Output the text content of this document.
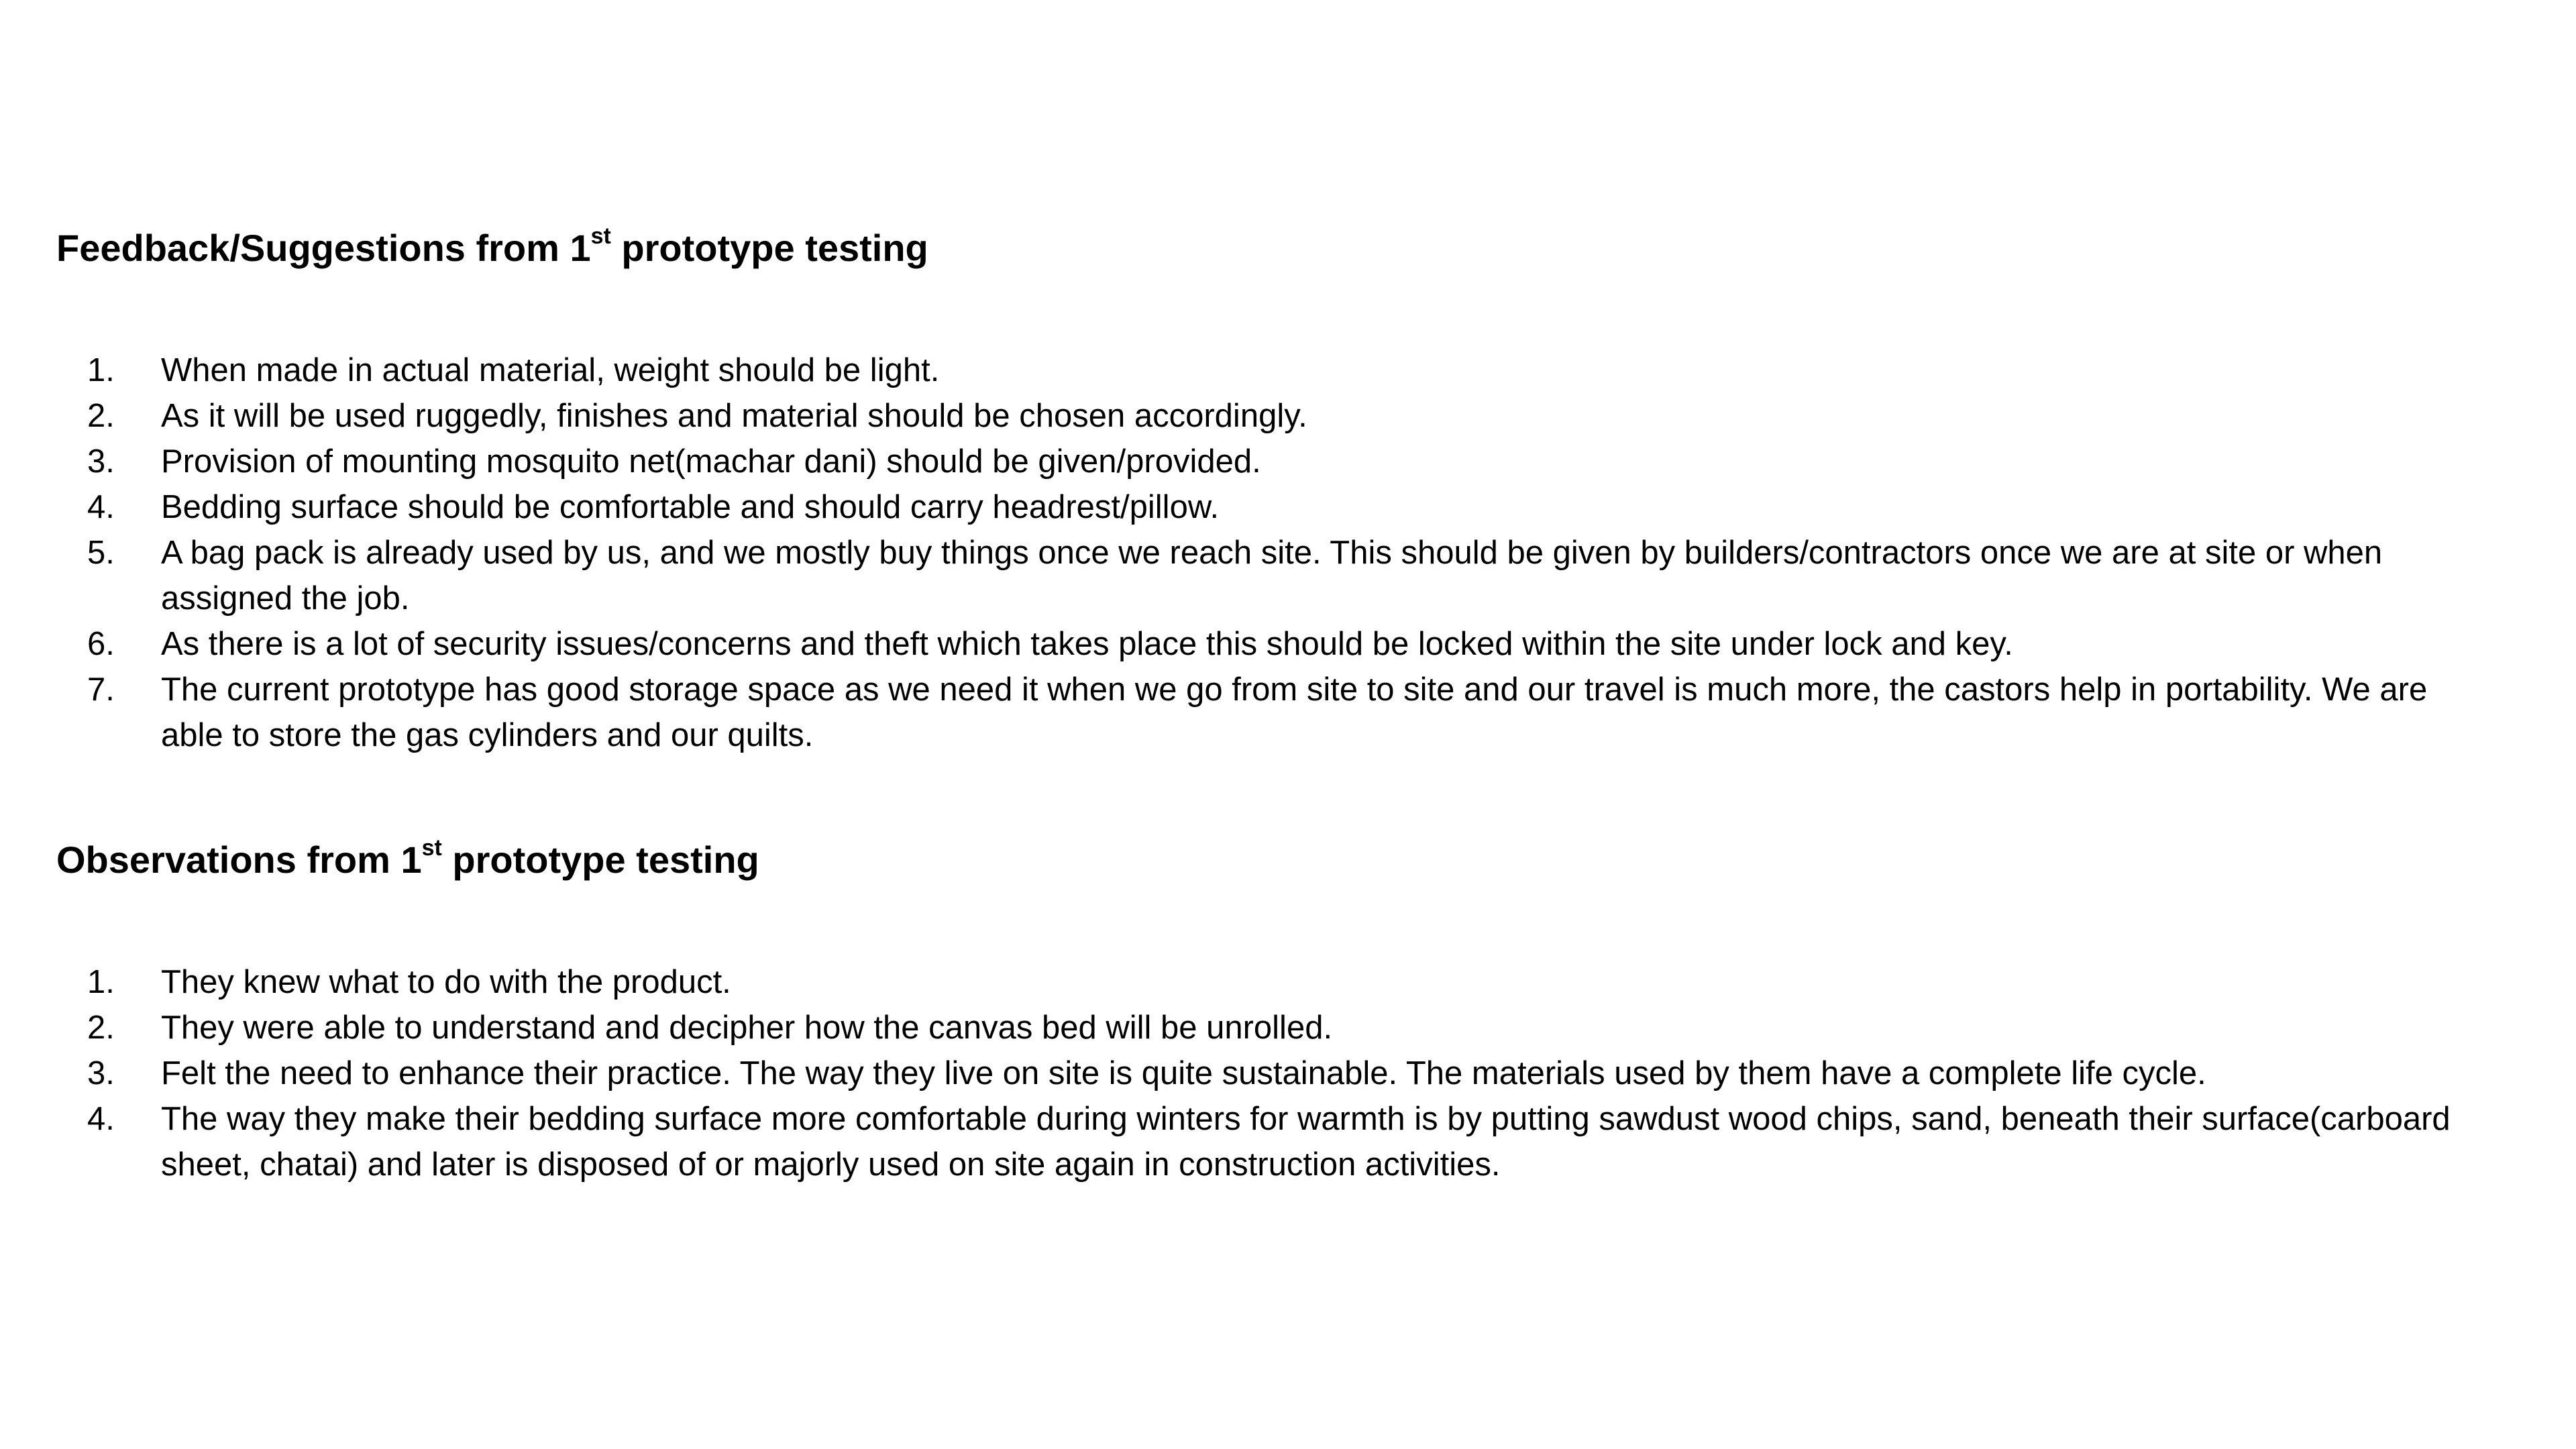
Feedback/Suggestions from 1st prototype testing
1. When made in actual material, weight should be light.
2. As it will be used ruggedly, finishes and material should be chosen accordingly.
3. Provision of mounting mosquito net(machar dani) should be given/provided.
4. Bedding surface should be comfortable and should carry headrest/pillow.
5. A bag pack is already used by us, and we mostly buy things once we reach site. This should be given by builders/contractors once we are at site or when assigned the job.
6. As there is a lot of security issues/concerns and theft which takes place this should be locked within the site under lock and key.
7. The current prototype has good storage space as we need it when we go from site to site and our travel is much more, the castors help in portability. We are able to store the gas cylinders and our quilts.
Observations from 1st prototype testing
1. They knew what to do with the product.
2. They were able to understand and decipher how the canvas bed will be unrolled.
3. Felt the need to enhance their practice. The way they live on site is quite sustainable. The materials used by them have a complete life cycle.
4. The way they make their bedding surface more comfortable during winters for warmth is by putting sawdust wood chips, sand, beneath their surface(carboard sheet, chatai) and later is disposed of or majorly used on site again in construction activities.
